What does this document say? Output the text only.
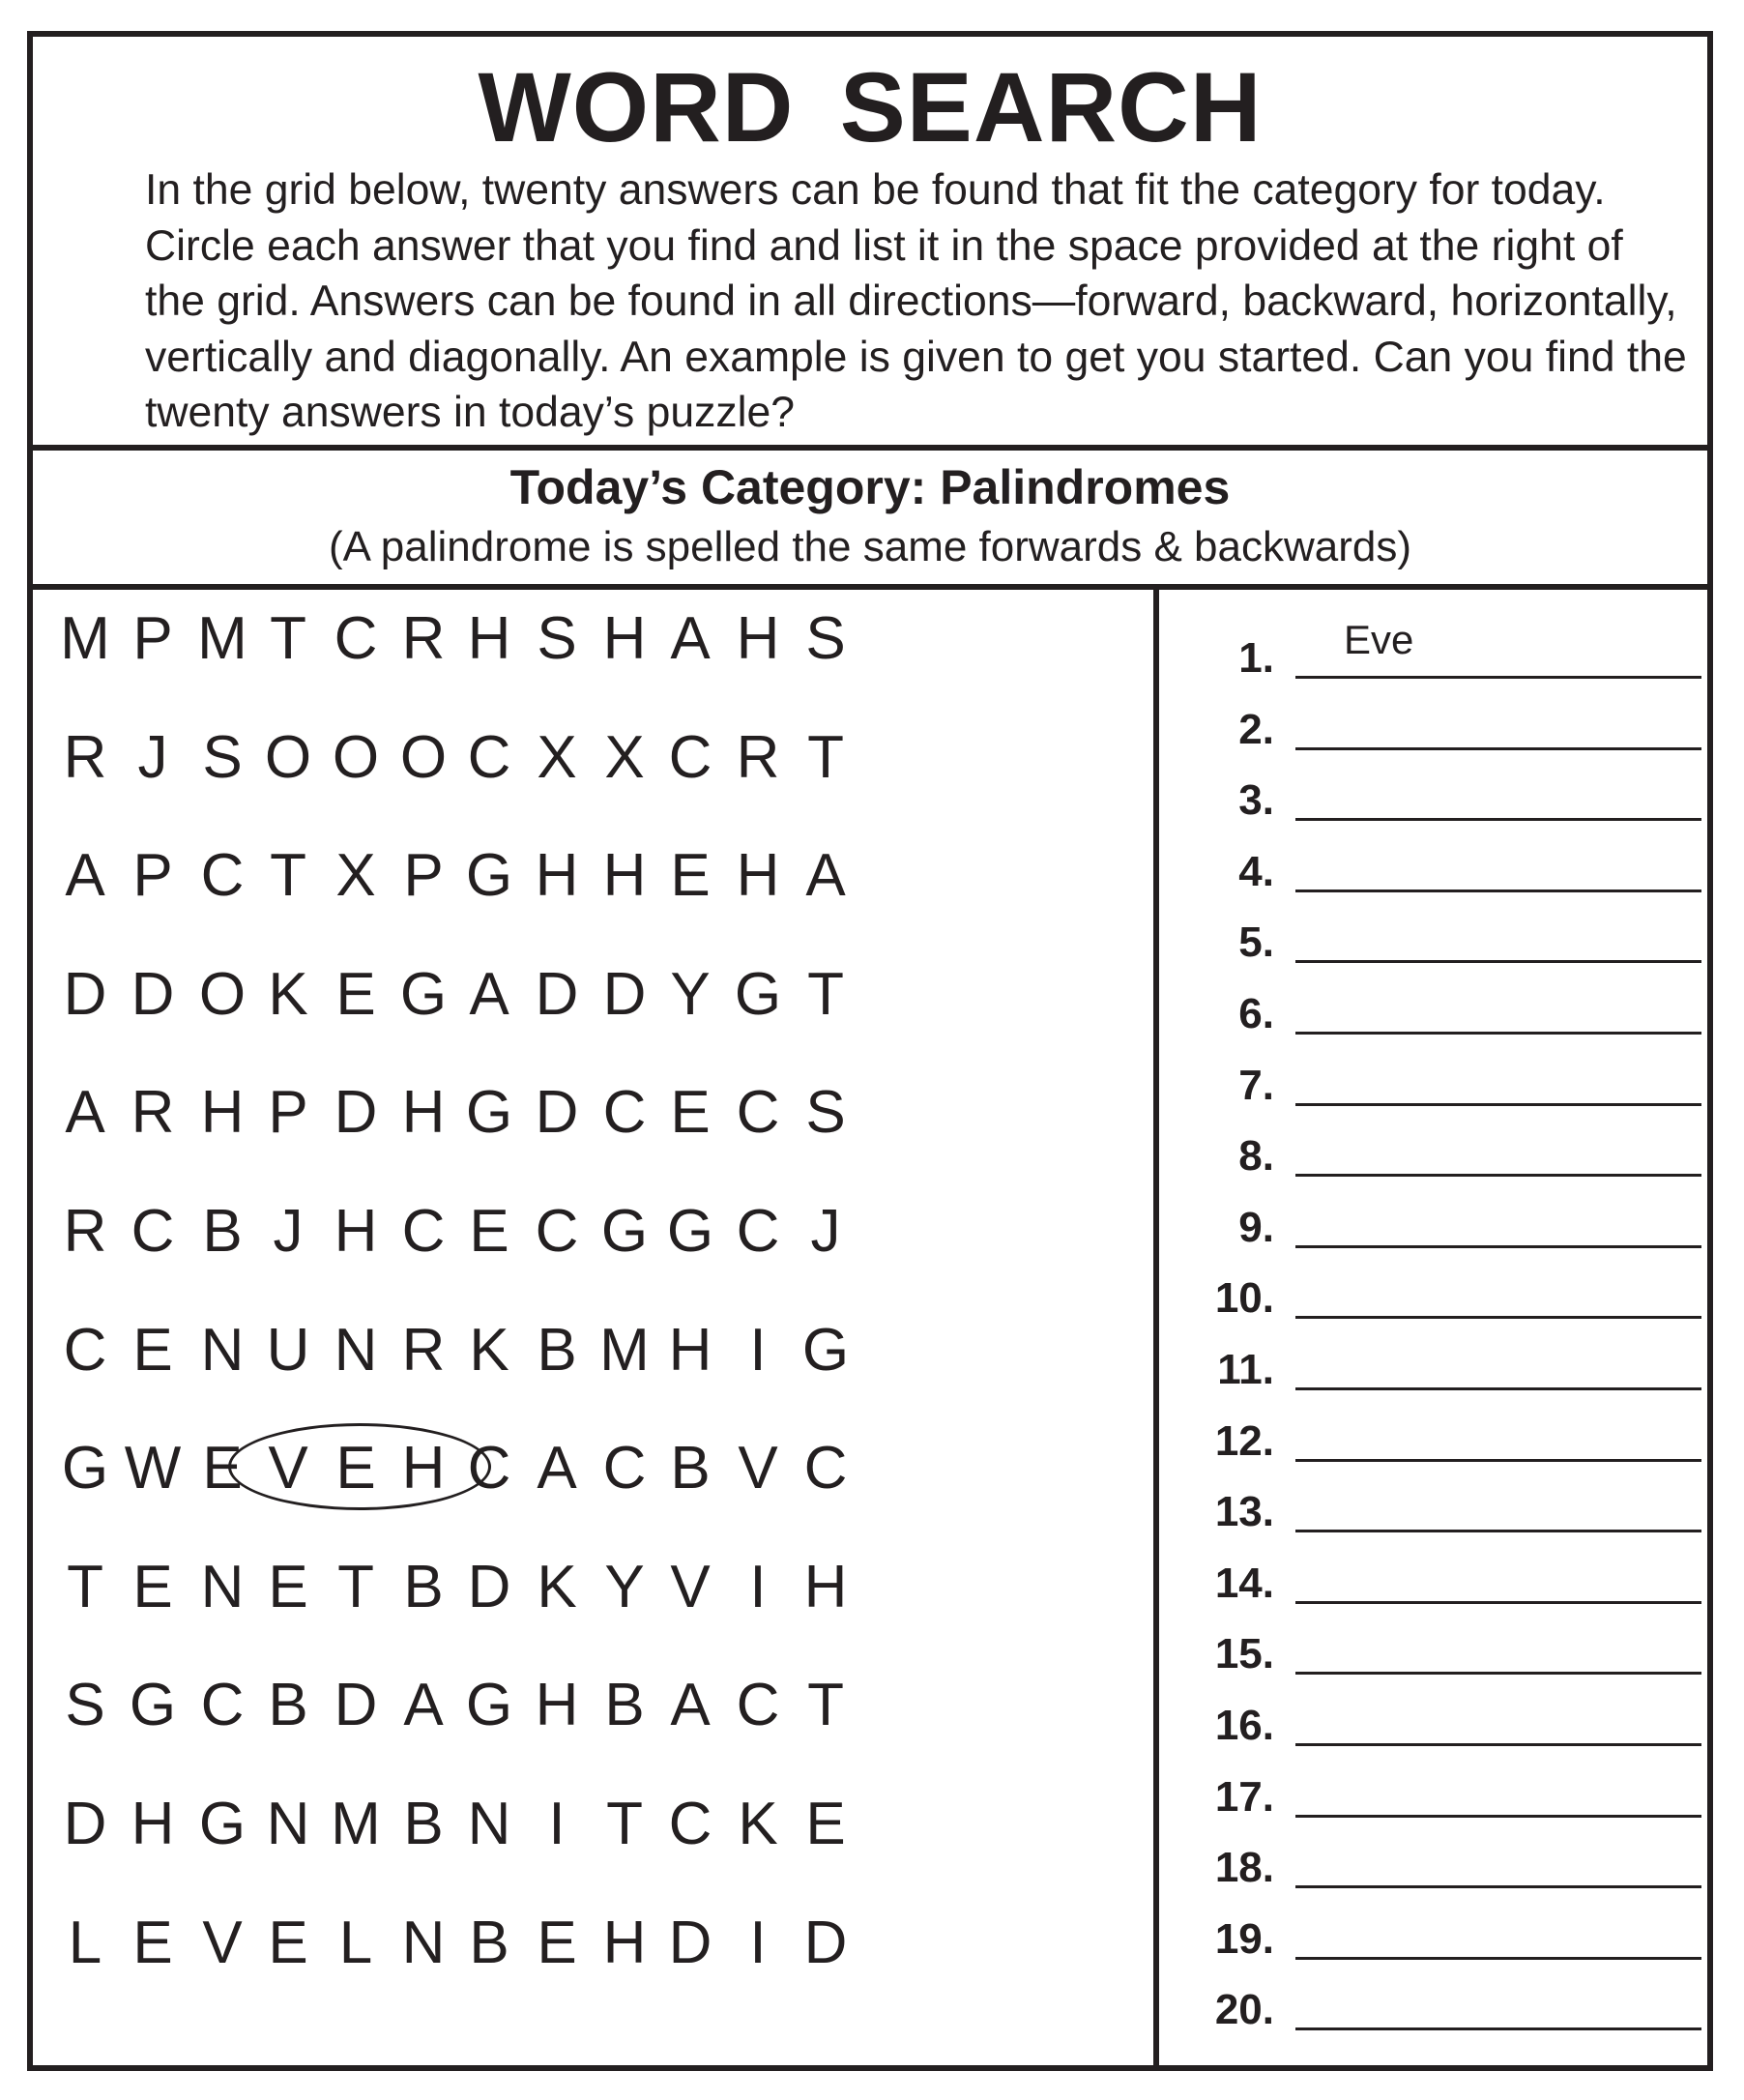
WORD SEARCH

In the grid below, twenty answers can be found that fit the category for today. Circle each answer that you find and list it in the space provided at the right of the grid. Answers can be found in all directions—forward, backward, horizontally, vertically and diagonally. An example is given to get you started. Can you find the twenty answers in today’s puzzle?

Today’s Category: Palindromes
(A palindrome is spelled the same forwards & backwards)
M P M T C R H S H A H S
R J S O O O C X X C R T
A P C T X P G H H E H A
D D O K E G A D D Y G T
A R H P D H G D C E C S
R C B J H C E C G G C J
C E N U N R K B M H I G
G W E V E H C A C B V C
T E N E T B D K Y V I H
S G C B D A G H B A C T
D H G N M B N I T C K E
L E V E L N B E H D I D
1. Eve
2.
3.
4.
5.
6.
7.
8.
9.
10.
11.
12.
13.
14.
15.
16.
17.
18.
19.
20.
